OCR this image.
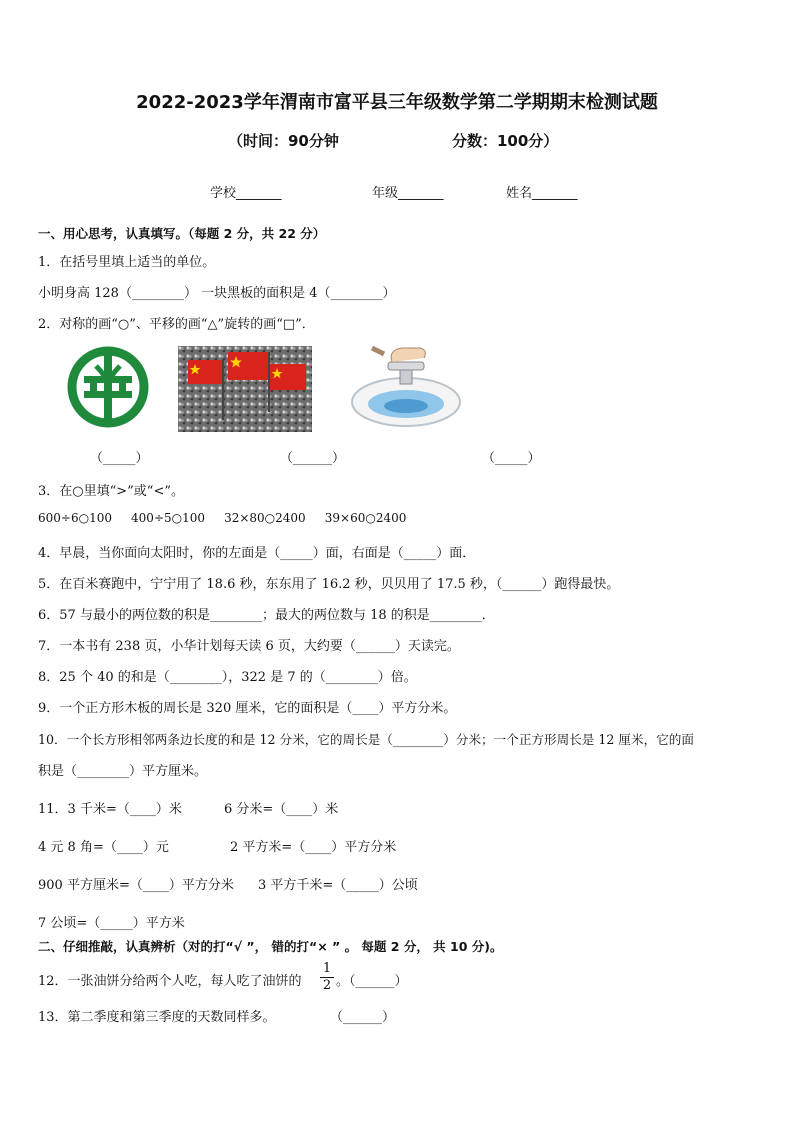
2022-2023学年渭南市富平县三年级数学第二学期期末检测试题
（时间：90分钟	分数：100分）
学校_______	年级_______	姓名_______
一、用心思考，认真填写。（每题 2 分，共 22 分）
1．在括号里填上适当的单位。
小明身高 128（________） 一块黑板的面积是 4（________）
2．对称的画“○”、平移的画“△”旋转的画“□”．
（_____）	（______）	（_____）
3．在○里填“>”或“<”。
600÷6○100     400÷5○100     32×80○2400     39×60○2400
4．早晨，当你面向太阳时，你的左面是（_____）面，右面是（_____）面．
5．在百米赛跑中，宁宁用了 18.6 秒，东东用了 16.2 秒，贝贝用了 17.5 秒，（______）跑得最快。
6．57 与最小的两位数的积是________；最大的两位数与 18 的积是________．
7．一本书有 238 页，小华计划每天读 6 页，大约要（______）天读完。
8．25 个 40 的和是（________），322 是 7 的（________）倍。
9．一个正方形木板的周长是 320 厘米，它的面积是（____）平方分米。
10．一个长方形相邻两条边长度的和是 12 分米，它的周长是（________）分米；一个正方形周长是 12 厘米，它的面
积是（________）平方厘米。
11．3 千米=（____）米	6 分米=（____）米
4 元 8 角=（____）元	2 平方米=（____）平方分米
900 平方厘米=（____）平方分米 3 平方千米=（_____）公顷
7 公顷=（_____）平方米
二、仔细推敲，认真辨析（对的打“√ ”， 错的打“× ” 。 每题 2 分， 共 10 分)。
12．一张油饼分给两个人吃，每人吃了油饼的
1
2 。（______）
13．第二季度和第三季度的天数同样多。	（______）
